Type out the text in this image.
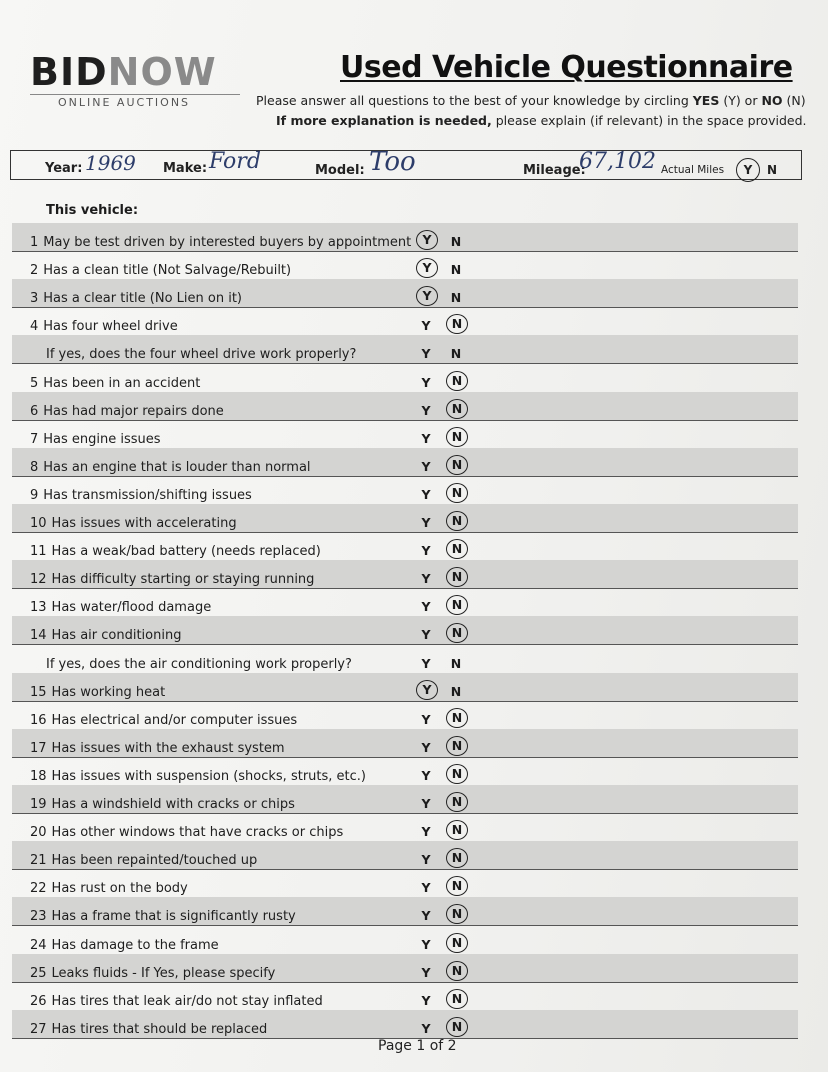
BIDNOW
ONLINE AUCTIONS
Used Vehicle Questionnaire
Please answer all questions to the best of your knowledge by circling YES (Y) or NO (N)
If more explanation is needed, please explain (if relevant) in the space provided.
Year: 1969 Make: Ford	Model: Too	Mileage:
67,102 Actual Miles	Y	N
This vehicle:
1 May be test driven by interested buyers by appointment Y	N
2 Has a clean title (Not Salvage/Rebuilt)	Y	N
3 Has a clear title (No Lien on it)	Y	N
4 Has four wheel drive	Y	N
If yes, does the four wheel drive work properly?	Y	N
5 Has been in an accident	Y	N
6 Has had major repairs done	Y	N
7 Has engine issues	Y	N
8 Has an engine that is louder than normal	Y	N
9 Has transmission/shifting issues	Y	N
10 Has issues with accelerating	Y	N
11 Has a weak/bad battery (needs replaced)	Y	N
12 Has difficulty starting or staying running	Y	N
13 Has water/flood damage	Y	N
14 Has air conditioning	Y	N
If yes, does the air conditioning work properly?	Y	N
15 Has working heat	Y	N
16 Has electrical and/or computer issues	Y	N
17 Has issues with the exhaust system	Y	N
18 Has issues with suspension (shocks, struts, etc.)	Y	N
19 Has a windshield with cracks or chips	Y	N
20 Has other windows that have cracks or chips	Y	N
21 Has been repainted/touched up	Y	N
22 Has rust on the body	Y	N
23 Has a frame that is significantly rusty	Y	N
24 Has damage to the frame	Y	N
25 Leaks fluids - If Yes, please specify	Y	N
26 Has tires that leak air/do not stay inflated	Y	N
27 Has tires that should be replaced	Y	N
Page 1 of 2
